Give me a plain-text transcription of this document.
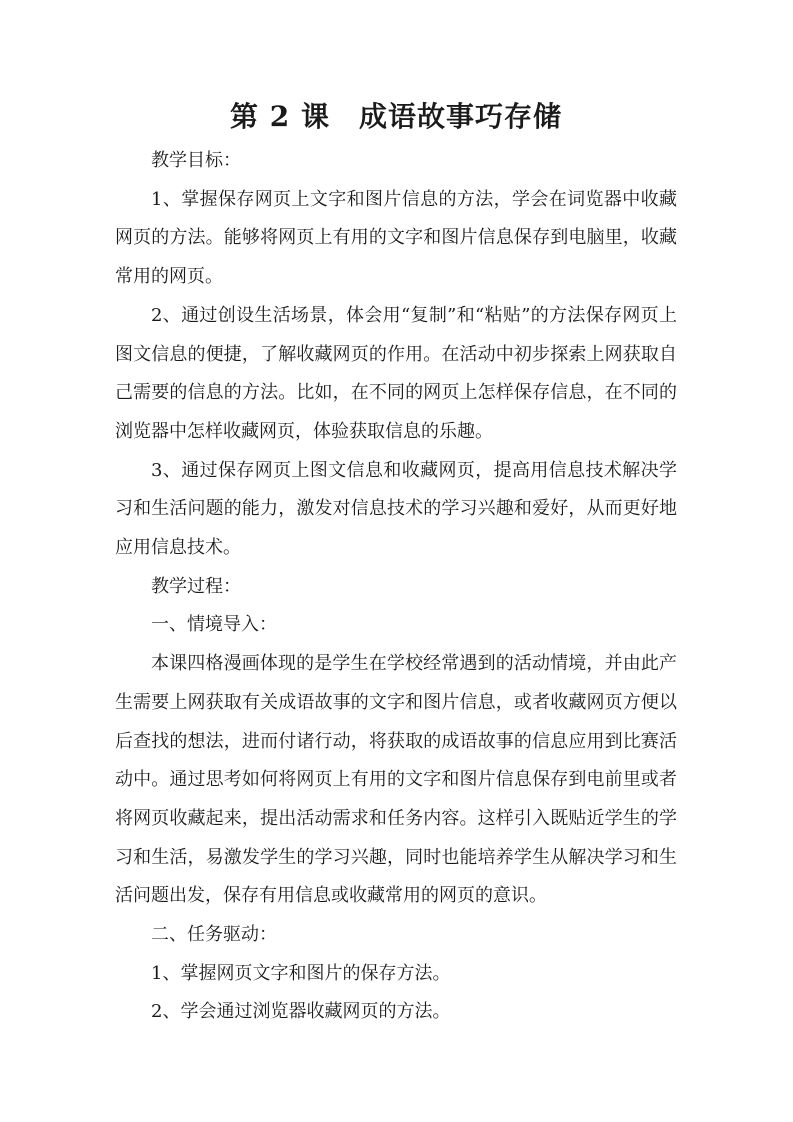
第 2 课　成语故事巧存储

教学目标：

1、掌握保存网页上文字和图片信息的方法，学会在词览器中收藏网页的方法。能够将网页上有用的文字和图片信息保存到电脑里，收藏常用的网页。

2、通过创设生活场景，体会用“复制”和“粘贴”的方法保存网页上图文信息的便捷，了解收藏网页的作用。在活动中初步探索上网获取自己需要的信息的方法。比如，在不同的网页上怎样保存信息，在不同的浏览器中怎样收藏网页，体验获取信息的乐趣。

3、通过保存网页上图文信息和收藏网页，提高用信息技术解决学习和生活问题的能力，激发对信息技术的学习兴趣和爱好，从而更好地应用信息技术。

教学过程：

一、情境导入：

本课四格漫画体现的是学生在学校经常遇到的活动情境，并由此产生需要上网获取有关成语故事的文字和图片信息，或者收藏网页方便以后查找的想法，进而付诸行动，将获取的成语故事的信息应用到比赛活动中。通过思考如何将网页上有用的文字和图片信息保存到电前里或者将网页收藏起来，提出活动需求和任务内容。这样引入既贴近学生的学习和生活，易激发学生的学习兴趣，同时也能培养学生从解决学习和生活问题出发，保存有用信息或收藏常用的网页的意识。

二、任务驱动：

1、掌握网页文字和图片的保存方法。

2、学会通过浏览器收藏网页的方法。
